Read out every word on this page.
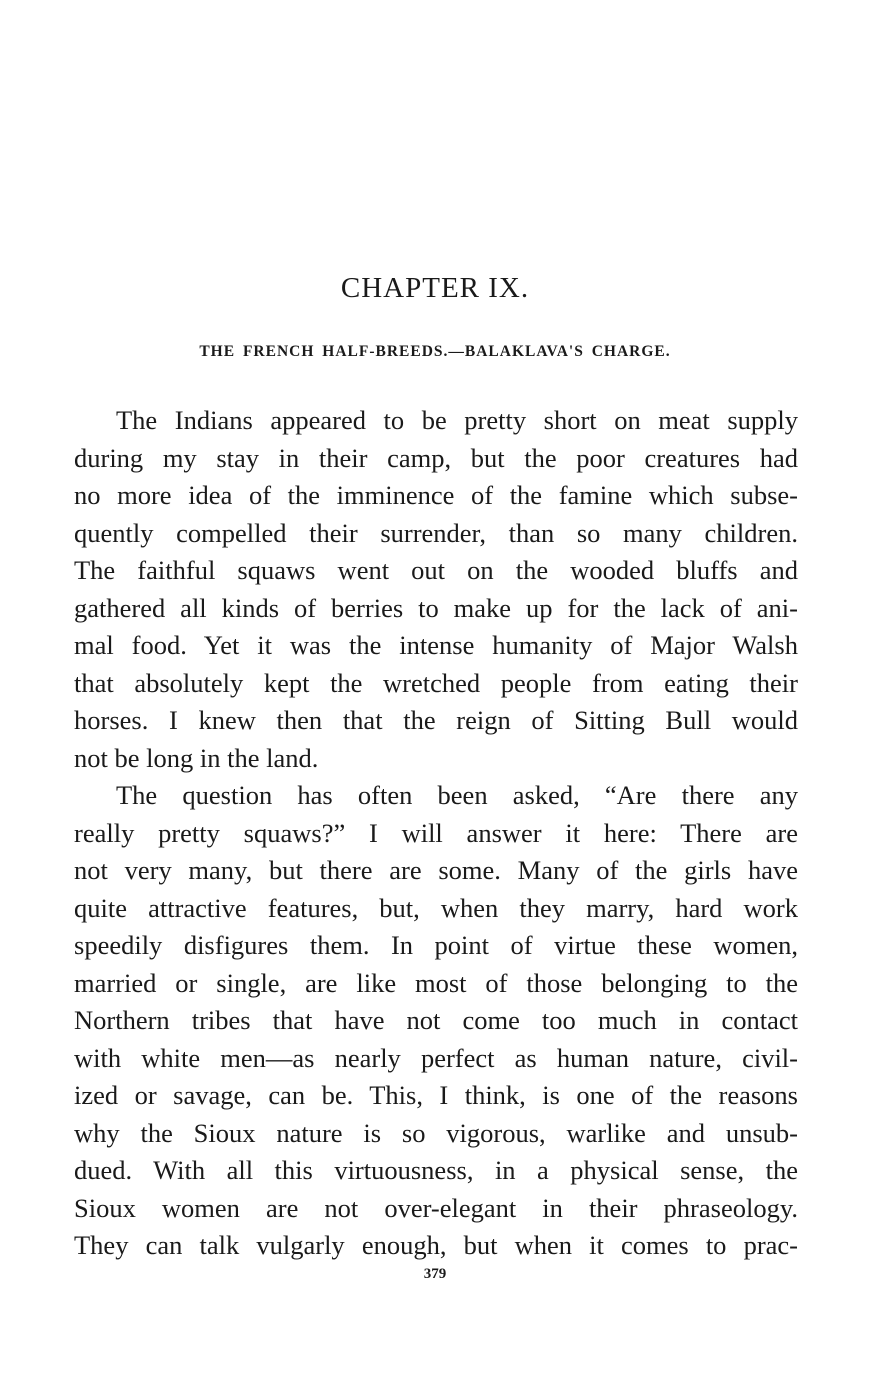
CHAPTER IX.
THE FRENCH HALF-BREEDS.—BALAKLAVA'S CHARGE.
The Indians appeared to be pretty short on meat supply
during my stay in their camp, but the poor creatures had
no more idea of the imminence of the famine which subse-
quently compelled their surrender, than so many children.
The faithful squaws went out on the wooded bluffs and
gathered all kinds of berries to make up for the lack of ani-
mal food. Yet it was the intense humanity of Major Walsh
that absolutely kept the wretched people from eating their
horses. I knew then that the reign of Sitting Bull would
not be long in the land.
The question has often been asked, “Are there any
really pretty squaws?” I will answer it here: There are
not very many, but there are some. Many of the girls have
quite attractive features, but, when they marry, hard work
speedily disfigures them. In point of virtue these women,
married or single, are like most of those belonging to the
Northern tribes that have not come too much in contact
with white men—as nearly perfect as human nature, civil-
ized or savage, can be. This, I think, is one of the reasons
why the Sioux nature is so vigorous, warlike and unsub-
dued. With all this virtuousness, in a physical sense, the
Sioux women are not over-elegant in their phraseology.
They can talk vulgarly enough, but when it comes to prac-
379
